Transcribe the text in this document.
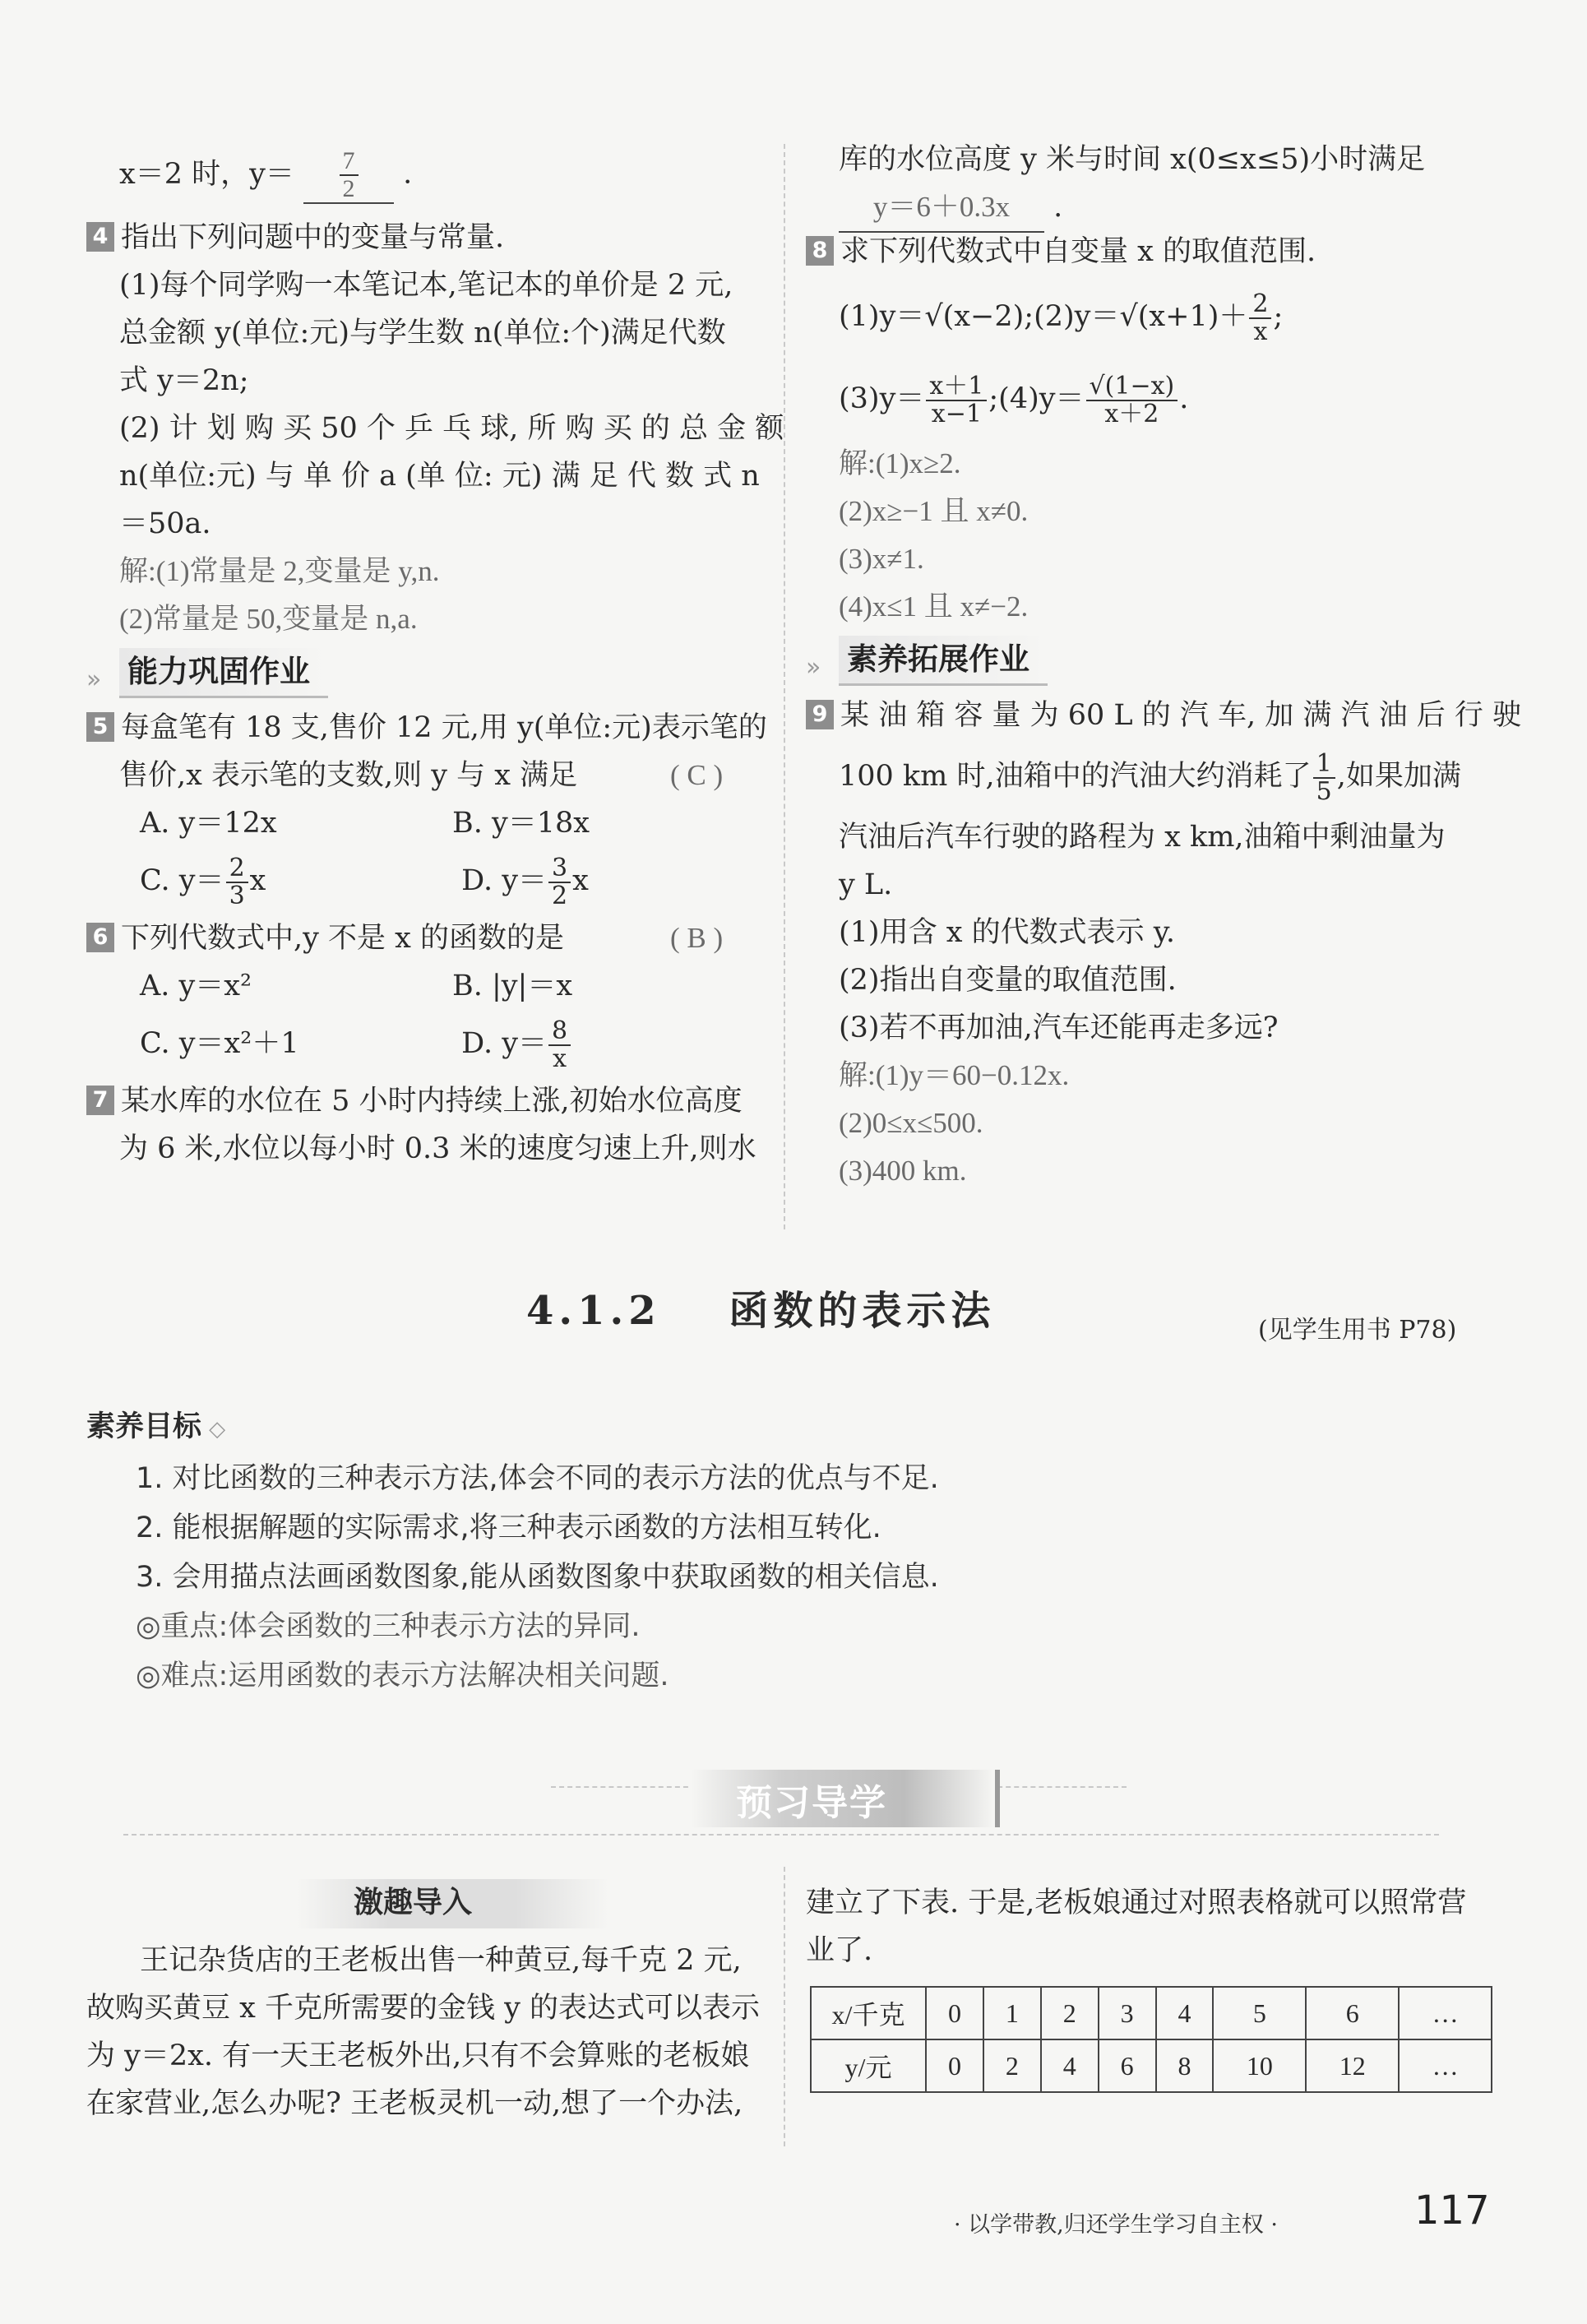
x＝2 时，$y= \frac{7}{2}$ .
4 指出下列问题中的变量与常量.
(1)每个同学购一本笔记本,笔记本的单价是 2 元,
总金额 y(单位:元)与学生数 n(单位:个)满足代数
式 y＝2n;
(2) 计 划 购 买 50 个 乒 乓 球, 所 购 买 的 总 金 额
n(单位:元) 与 单 价 a (单 位: 元) 满 足 代 数 式 n
＝50a.
解:(1)常量是 2,变量是 y,n.
(2)常量是 50,变量是 n,a.
» 能力巩固作业
5 每盒笔有 18 支,售价 12 元,用 y(单位:元)表示笔的
售价,x 表示笔的支数,则 y 与 x 满足	( C )
A. y＝12x	B. y＝18x
C. $y= \frac{2}{3}$ x	D. $y= \frac{3}{2}$ x
6 下列代数式中,y 不是 x 的函数的是	( B )
A. y＝x²	B. |y|＝x
C. y＝x²＋1	D. $y= \frac{8}{x}$
7 某水库的水位在 5 小时内持续上涨,初始水位高度
为 6 米,水位以每小时 0.3 米的速度匀速上升,则水
库的水位高度 y 米与时间 x(0≤x≤5)小时满足
y＝6＋0.3x .
8 求下列代数式中自变量 x 的取值范围.
(1)y＝√(x−2);(2)y＝√(x+1)＋ $\frac{2}{x}$ ;
$(3)y= \frac{x+1}{x-1}$ ;(4)y＝ $\frac{√(1-x)}{x+2}$ .
解:(1)x≥2.
(2)x≥−1 且 x≠0.
(3)x≠1.
(4)x≤1 且 x≠−2.
» 素养拓展作业
9 某 油 箱 容 量 为 60 L 的 汽 车, 加 满 汽 油 后 行 驶
100 km 时,油箱中的汽油大约消耗了 $\frac{1}{5}$ ,如果加满
汽油后汽车行驶的路程为 x km,油箱中剩油量为
y L.
(1)用含 x 的代数式表示 y.
(2)指出自变量的取值范围.
(3)若不再加油,汽车还能再走多远?
解:(1)y＝60−0.12x.
(2)0≤x≤500.
(3)400 km.
4.1.2 函数的表示法	(见学生用书 P78)
素养目标 ◇
1. 对比函数的三种表示方法,体会不同的表示方法的优点与不足.
2. 能根据解题的实际需求,将三种表示函数的方法相互转化.
3. 会用描点法画函数图象,能从函数图象中获取函数的相关信息.
◎重点:体会函数的三种表示方法的异同.
◎难点:运用函数的表示方法解决相关问题.
预习导学
激趣导入
王记杂货店的王老板出售一种黄豆,每千克 2 元,
故购买黄豆 x 千克所需要的金钱 y 的表达式可以表示
为 y＝2x. 有一天王老板外出,只有不会算账的老板娘
在家营业,怎么办呢? 王老板灵机一动,想了一个办法,
建立了下表. 于是,老板娘通过对照表格就可以照常营
业了.
x/千克	0	1	2	3	4	5	6	…
y/元	0	2	4	6	8	10	12	…
· 以学带教,归还学生学习自主权 ·	117
